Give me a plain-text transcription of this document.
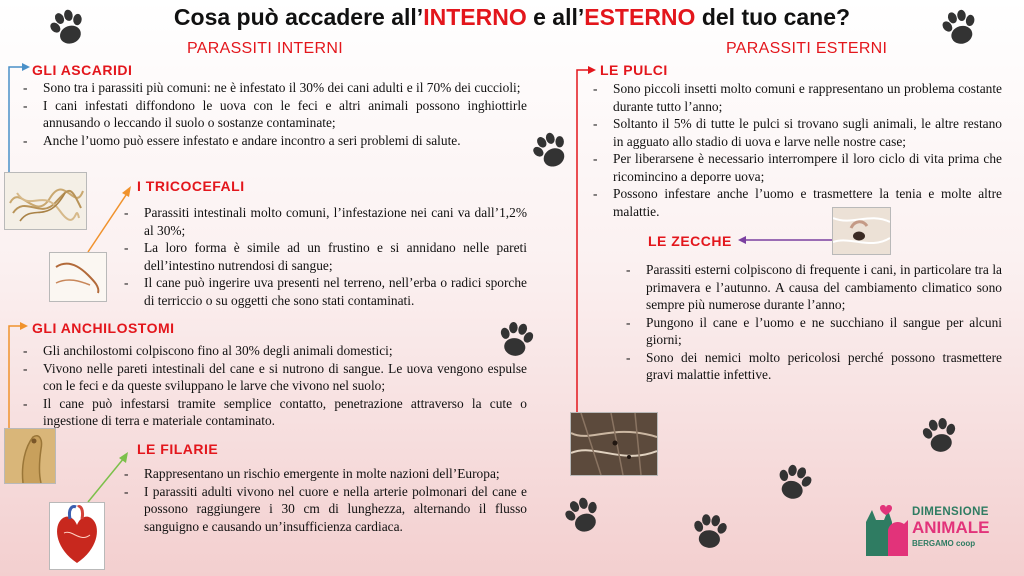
Cosa può accadere all’INTERNO e all’ESTERNO del tuo cane?
PARASSITI INTERNI	PARASSITI ESTERNI
GLI ASCARIDI
- Sono tra i parassiti più comuni: ne è infestato il 30% dei cani adulti e il 70% dei cuccioli;
- I cani infestati diffondono le uova con le feci e altri animali possono inghiottirle annusando o leccando il suolo o sostanze contaminate;
- Anche l’uomo può essere infestato e andare incontro a seri problemi di salute.
I TRICOCEFALI
- Parassiti intestinali molto comuni, l’infestazione nei cani va dall’1,2% al 30%;
- La loro forma è simile ad un frustino e si annidano nelle pareti dell’intestino nutrendosi di sangue;
- Il cane può ingerire uva presenti nel terreno, nell’erba o radici sporche di terriccio o su oggetti che sono stati contaminati.
GLI ANCHILOSTOMI
- Gli anchilostomi colpiscono fino al 30% degli animali domestici;
- Vivono nelle pareti intestinali del cane e si nutrono di sangue. Le uova vengono espulse con le feci e da queste sviluppano le larve che vivono nel suolo;
- Il cane può infestarsi tramite semplice contatto, penetrazione attraverso la cute o ingestione di terra e materiale contaminato.
LE FILARIE
- Rappresentano un rischio emergente in molte nazioni dell’Europa;
- I parassiti adulti vivono nel cuore e nella arterie polmonari del cane e possono raggiungere i 30 cm di lunghezza, alternando il flusso sanguigno e causando un’insufficienza cardiaca.
LE PULCI
- Sono piccoli insetti molto comuni e rappresentano un problema costante durante tutto l’anno;
- Soltanto il 5% di tutte le pulci si trovano sugli animali, le altre restano in agguato allo stadio di uova e larve nelle nostre case;
- Per liberarsene è necessario interrompere il loro ciclo di vita prima che ricomincino a deporre uova;
- Possono infestare anche l’uomo e trasmettere la tenia e molte altre malattie.
LE ZECCHE
- Parassiti esterni colpiscono di frequente i cani, in particolare tra la primavera e l’autunno. A causa del cambiamento climatico sono sempre più numerose durante l’anno;
- Pungono il cane e l’uomo e ne succhiano il sangue per alcuni giorni;
- Sono dei nemici molto pericolosi perché possono trasmettere gravi malattie infettive.
DIMENSIONE
ANIMALE
BERGAMO coop
